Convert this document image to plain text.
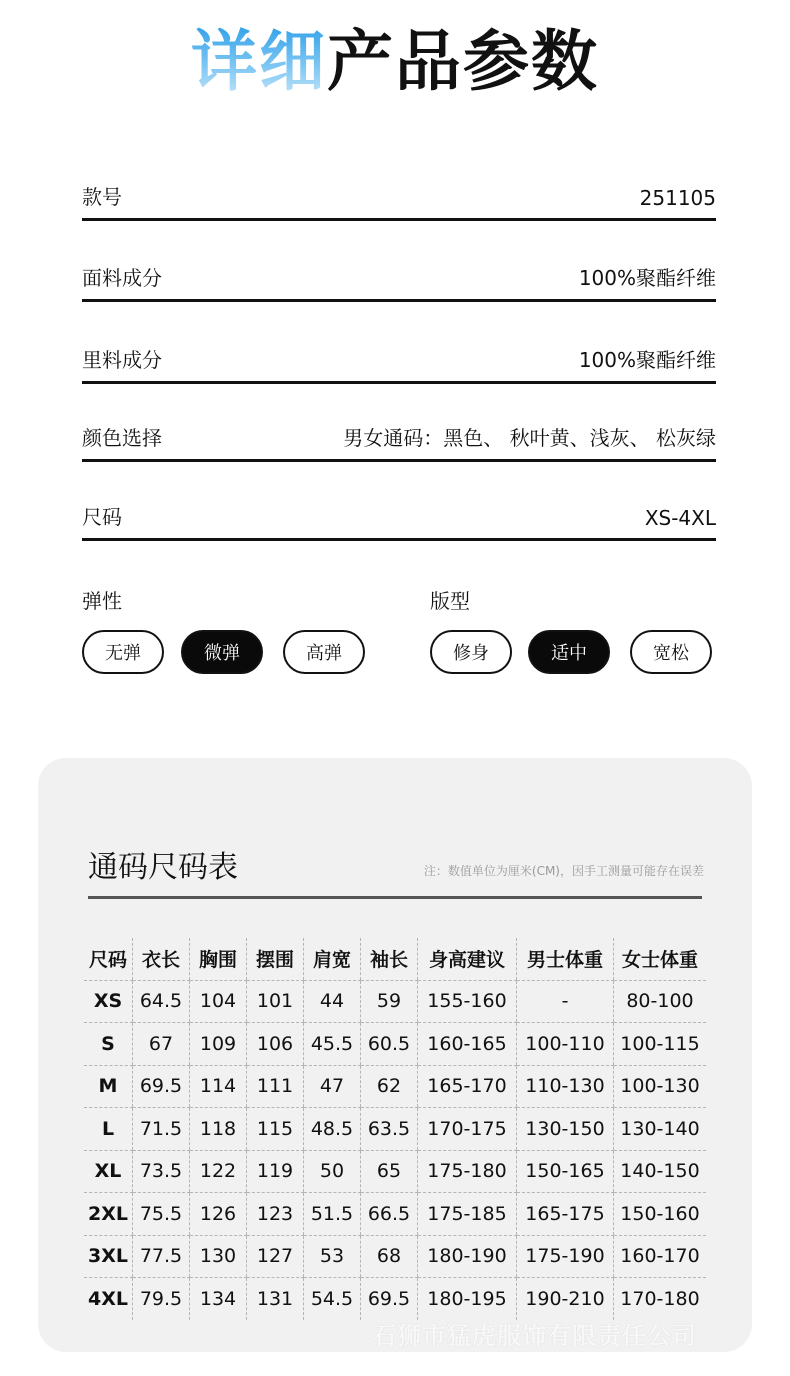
详细产品参数
款号	251105
面料成分	100%聚酯纤维
里料成分	100%聚酯纤维
颜色选择	男女通码：黑色、 秋叶黄、浅灰、 松灰绿
尺码	XS-4XL
弹性
无弹	微弹	高弹
版型
修身	适中	宽松
通码尺码表	注：数值单位为厘米(CM)，因手工测量可能存在误差
尺码	衣长	胸围	摆围	肩宽	袖长	身高建议	男士体重	女士体重
XS	64.5	104	101	44	59	155-160	-	80-100
S	67	109	106	45.5	60.5	160-165	100-110	100-115
M	69.5	114	111	47	62	165-170	110-130	100-130
L	71.5	118	115	48.5	63.5	170-175	130-150	130-140
XL	73.5	122	119	50	65	175-180	150-165	140-150
2XL	75.5	126	123	51.5	66.5	175-185	165-175	150-160
3XL	77.5	130	127	53	68	180-190	175-190	160-170
4XL	79.5	134	131	54.5	69.5	180-195	190-210	170-180
石狮市猛虎服饰有限责任公司
